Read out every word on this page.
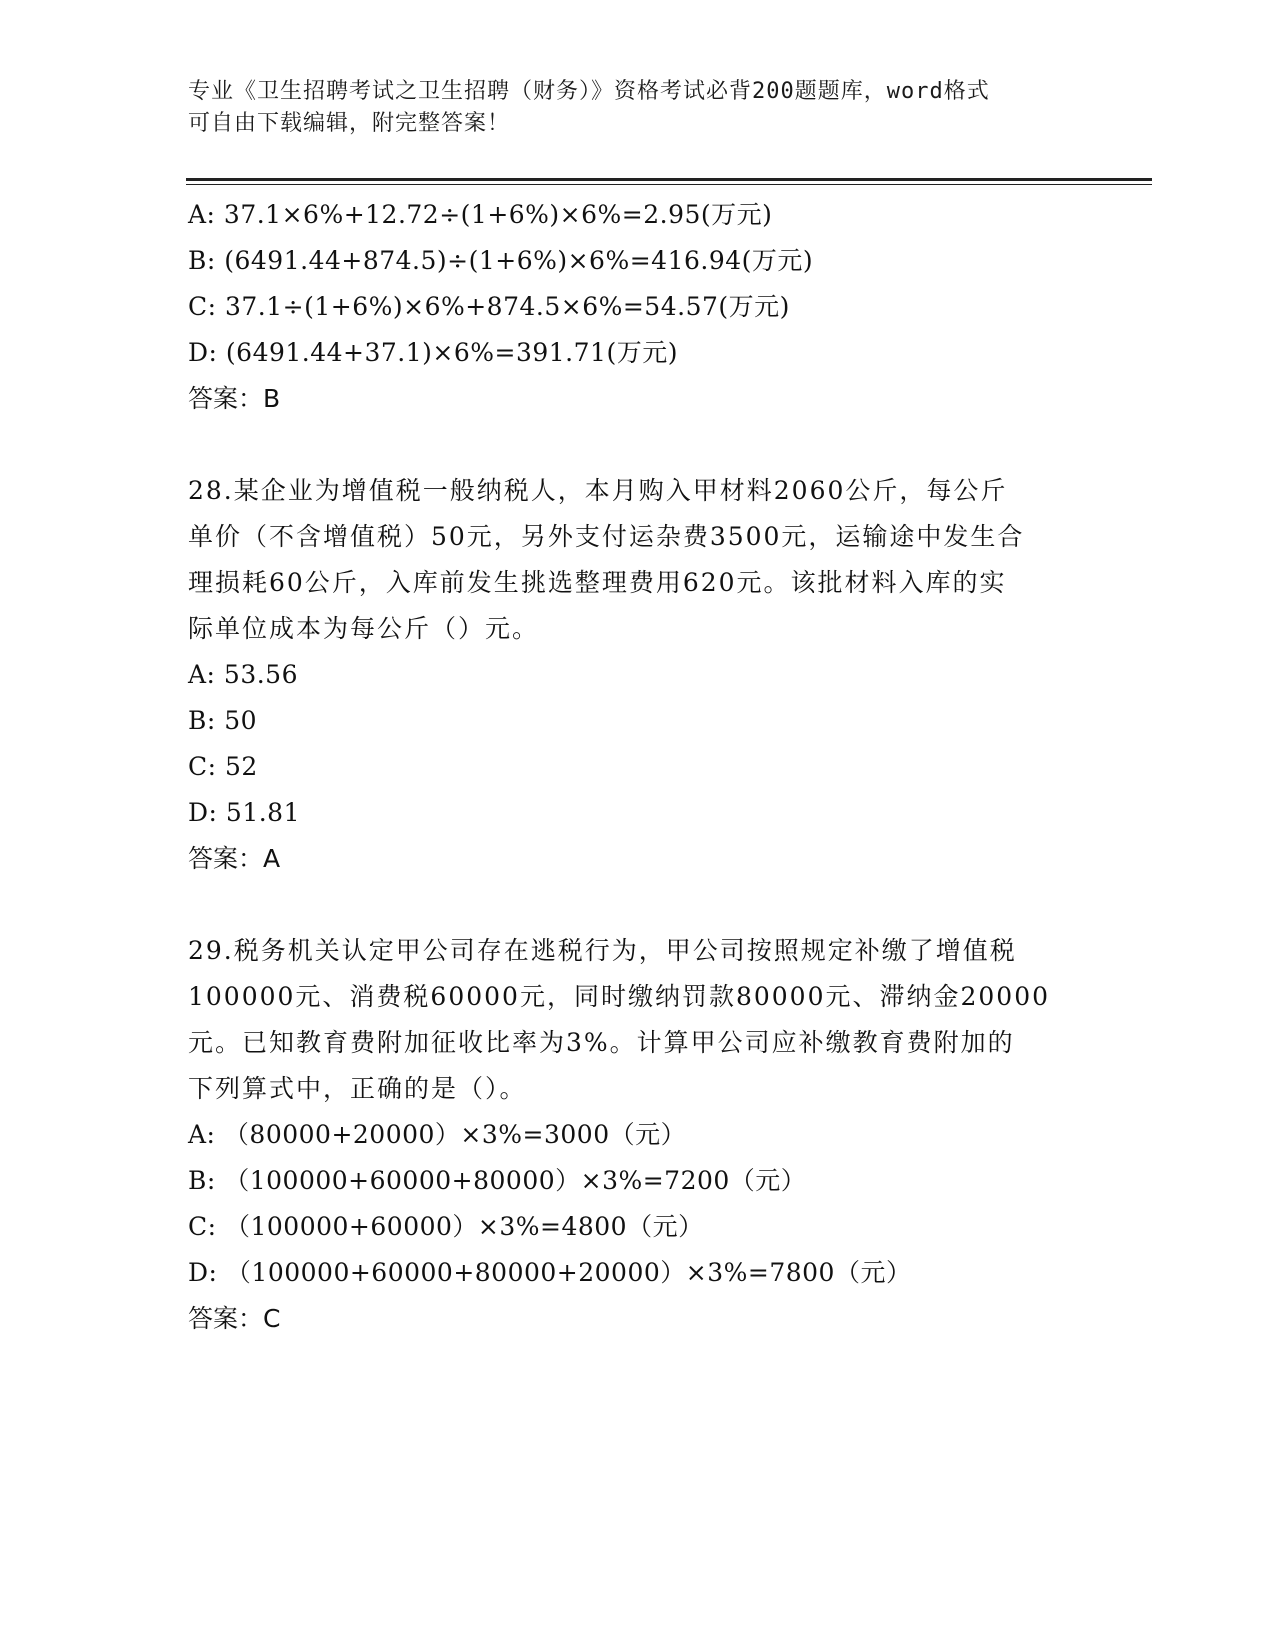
专业《卫生招聘考试之卫生招聘（财务）》资格考试必背200题题库，word格式
可自由下载编辑，附完整答案！
A: 37.1×6%+12.72÷(1+6%)×6%=2.95(万元)
B: (6491.44+874.5)÷(1+6%)×6%=416.94(万元)
C: 37.1÷(1+6%)×6%+874.5×6%=54.57(万元)
D: (6491.44+37.1)×6%=391.71(万元)
答案：B
28.某企业为增值税一般纳税人，本月购入甲材料2060公斤，每公斤
单价（不含增值税）50元，另外支付运杂费3500元，运输途中发生合
理损耗60公斤，入库前发生挑选整理费用620元。该批材料入库的实
际单位成本为每公斤（）元。
A: 53.56
B: 50
C: 52
D: 51.81
答案：A
29.税务机关认定甲公司存在逃税行为，甲公司按照规定补缴了增值税
100000元、消费税60000元，同时缴纳罚款80000元、滞纳金20000
元。已知教育费附加征收比率为3%。计算甲公司应补缴教育费附加的
下列算式中，正确的是（）。
A: （80000+20000）×3%=3000（元）
B: （100000+60000+80000）×3%=7200（元）
C: （100000+60000）×3%=4800（元）
D: （100000+60000+80000+20000）×3%=7800（元）
答案：C
